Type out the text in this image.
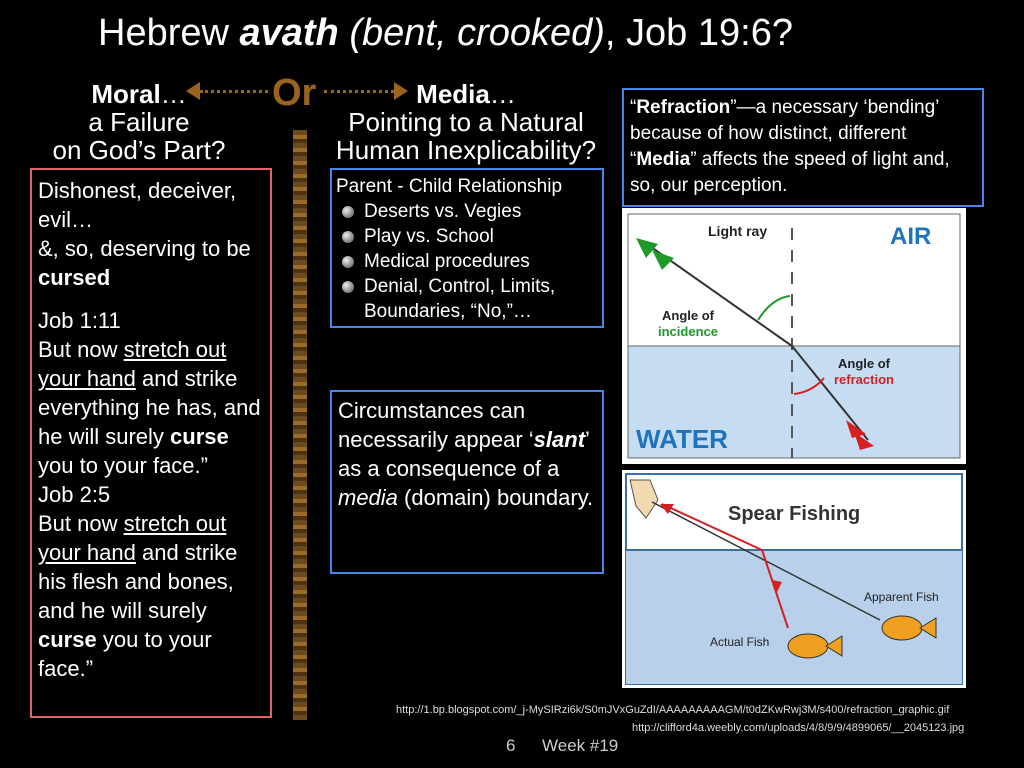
Hebrew avath (bent, crooked), Job 19:6?
Moral…
a Failure
on God’s Part?
Or	Media…
Pointing to a Natural
Human Inexplicability?
Dishonest, deceiver, evil…
&, so, deserving to be cursed
Job 1:11
But now stretch out your hand and strike everything he has, and he will surely curse you to your face.”
Job 2:5
But now stretch out your hand and strike his flesh and bones, and he will surely curse you to your face.”
Parent - Child Relationship
Deserts vs. Vegies
Play vs. School
Medical procedures
Denial, Control, Limits, Boundaries, “No,”…
Circumstances can necessarily appear ‘slant’ as a consequence of a media (domain) boundary.
“Refraction”—a necessary ‘bending’ because of how distinct, different “Media” affects the speed of light and, so, our perception.
Light ray	AIR
Angle of
incidence
Angle of
refraction
WATER
Spear Fishing
Apparent Fish
Actual Fish
http://1.bp.blogspot.com/_j-MySIRzi6k/S0mJVxGuZdI/AAAAAAAAAGM/t0dZKwRwj3M/s400/refraction_graphic.gif
http://clifford4a.weebly.com/uploads/4/8/9/9/4899065/__2045123.jpg
6 Week #19
